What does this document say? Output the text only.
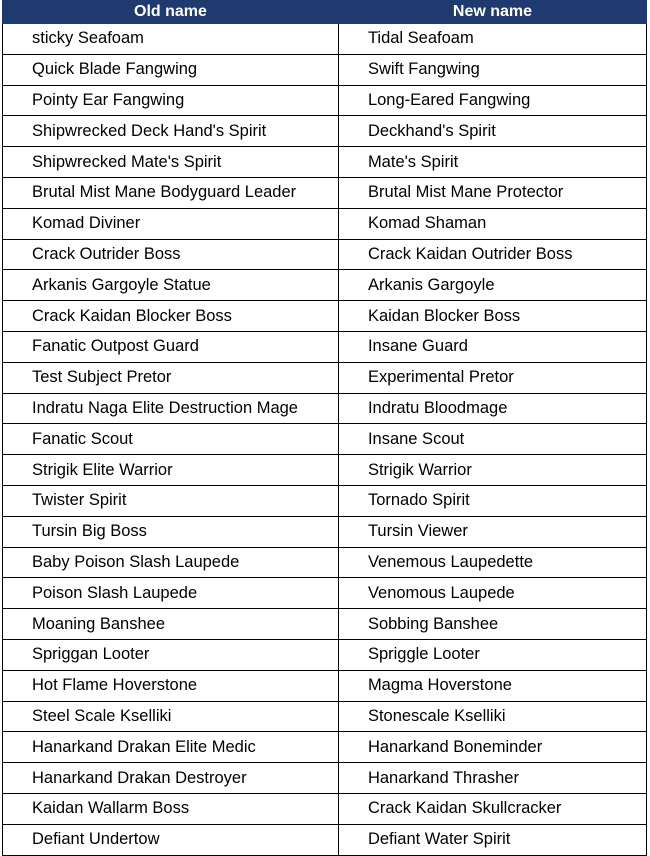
Old name	New name
sticky Seafoam	Tidal Seafoam
Quick Blade Fangwing	Swift Fangwing
Pointy Ear Fangwing	Long-Eared Fangwing
Shipwrecked Deck Hand's Spirit	Deckhand's Spirit
Shipwrecked Mate's Spirit	Mate's Spirit
Brutal Mist Mane Bodyguard Leader	Brutal Mist Mane Protector
Komad Diviner	Komad Shaman
Crack Outrider Boss	Crack Kaidan Outrider Boss
Arkanis Gargoyle Statue	Arkanis Gargoyle
Crack Kaidan Blocker Boss	Kaidan Blocker Boss
Fanatic Outpost Guard	Insane Guard
Test Subject Pretor	Experimental Pretor
Indratu Naga Elite Destruction Mage	Indratu Bloodmage
Fanatic Scout	Insane Scout
Strigik Elite Warrior	Strigik Warrior
Twister Spirit	Tornado Spirit
Tursin Big Boss	Tursin Viewer
Baby Poison Slash Laupede	Venemous Laupedette
Poison Slash Laupede	Venomous Laupede
Moaning Banshee	Sobbing Banshee
Spriggan Looter	Spriggle Looter
Hot Flame Hoverstone	Magma Hoverstone
Steel Scale Kselliki	Stonescale Kselliki
Hanarkand Drakan Elite Medic	Hanarkand Boneminder
Hanarkand Drakan Destroyer	Hanarkand Thrasher
Kaidan Wallarm Boss	Crack Kaidan Skullcracker
Defiant Undertow	Defiant Water Spirit
